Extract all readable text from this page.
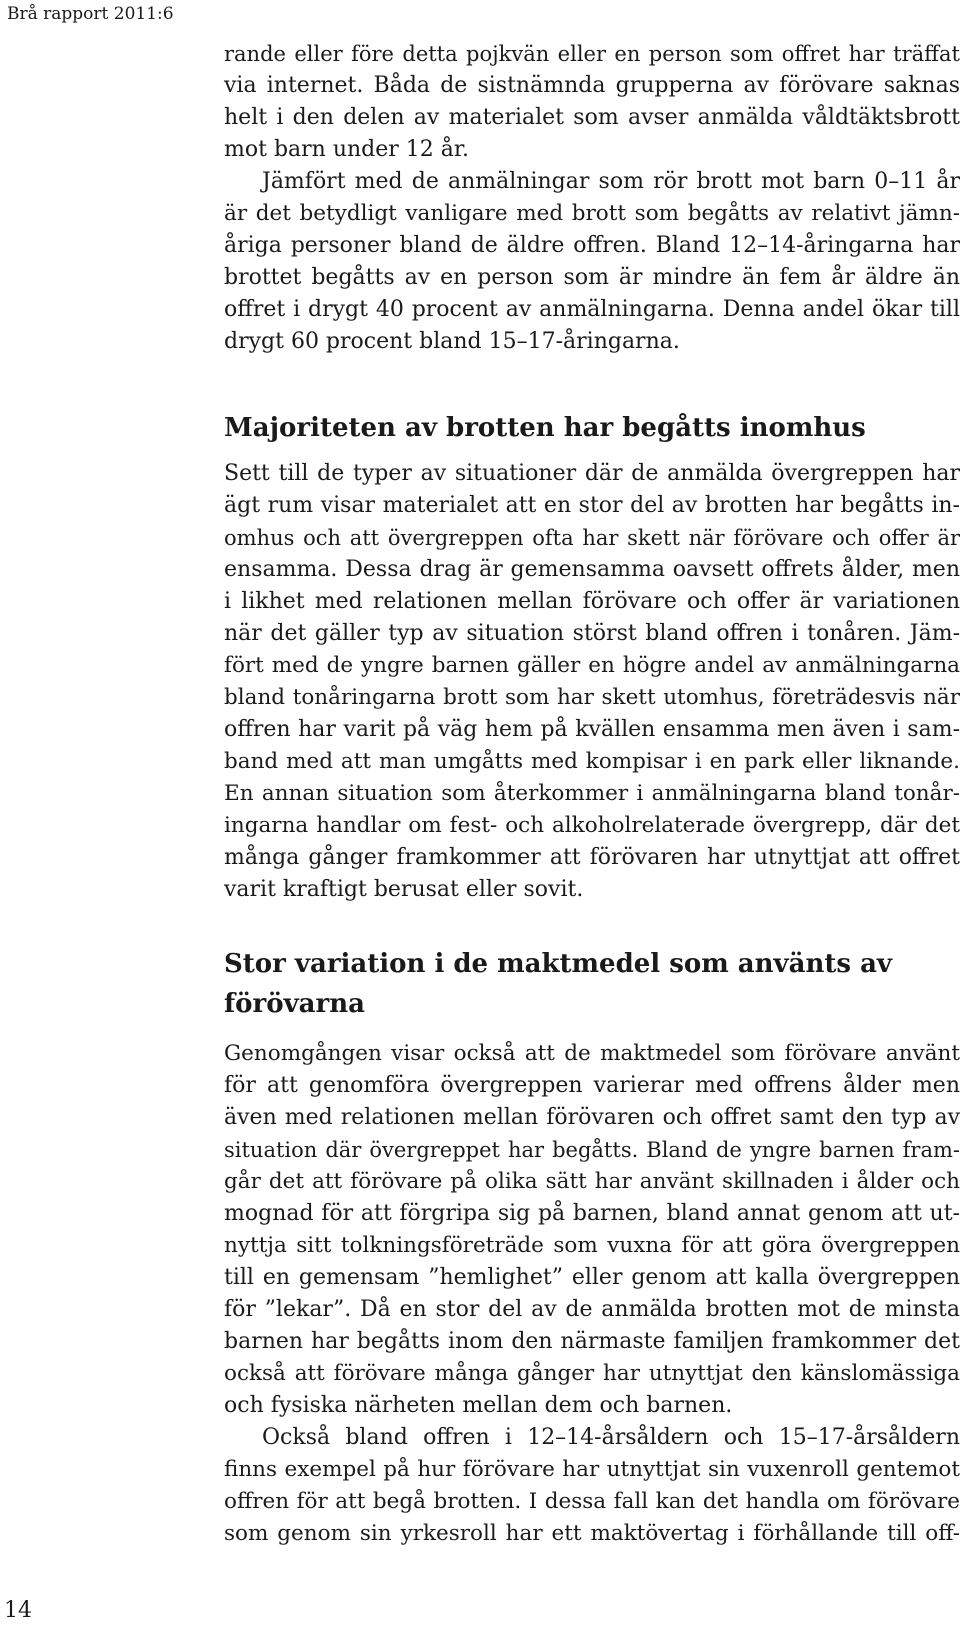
Brå rapport 2011:6
rande eller före detta pojkvän eller en person som offret har träffat
via internet. Båda de sistnämnda grupperna av förövare saknas
helt i den delen av materialet som avser anmälda våldtäktsbrott
mot barn under 12 år.
Jämfört med de anmälningar som rör brott mot barn 0–11 år
är det betydligt vanligare med brott som begåtts av relativt jämn-
åriga personer bland de äldre offren. Bland 12–14-åringarna har
brottet begåtts av en person som är mindre än fem år äldre än
offret i drygt 40 procent av anmälningarna. Denna andel ökar till
drygt 60 procent bland 15–17-åringarna.
Majoriteten av brotten har begåtts inomhus
Sett till de typer av situationer där de anmälda övergreppen har
ägt rum visar materialet att en stor del av brotten har begåtts in-
omhus och att övergreppen ofta har skett när förövare och offer är
ensamma. Dessa drag är gemensamma oavsett offrets ålder, men
i likhet med relationen mellan förövare och offer är variationen
när det gäller typ av situation störst bland offren i tonåren. Jäm-
fört med de yngre barnen gäller en högre andel av anmälningarna
bland tonåringarna brott som har skett utomhus, företrädesvis när
offren har varit på väg hem på kvällen ensamma men även i sam-
band med att man umgåtts med kompisar i en park eller liknande.
En annan situation som återkommer i anmälningarna bland tonår-
ingarna handlar om fest- och alkoholrelaterade övergrepp, där det
många gånger framkommer att förövaren har utnyttjat att offret
varit kraftigt berusat eller sovit.
Stor variation i de maktmedel som använts av
förövarna
Genomgången visar också att de maktmedel som förövare använt
för att genomföra övergreppen varierar med offrens ålder men
även med relationen mellan förövaren och offret samt den typ av
situation där övergreppet har begåtts. Bland de yngre barnen fram-
går det att förövare på olika sätt har använt skillnaden i ålder och
mognad för att förgripa sig på barnen, bland annat genom att ut-
nyttja sitt tolkningsföreträde som vuxna för att göra övergreppen
till en gemensam ”hemlighet” eller genom att kalla övergreppen
för ”lekar”. Då en stor del av de anmälda brotten mot de minsta
barnen har begåtts inom den närmaste familjen framkommer det
också att förövare många gånger har utnyttjat den känslomässiga
och fysiska närheten mellan dem och barnen.
Också bland offren i 12–14-årsåldern och 15–17-årsåldern
finns exempel på hur förövare har utnyttjat sin vuxenroll gentemot
offren för att begå brotten. I dessa fall kan det handla om förövare
som genom sin yrkesroll har ett maktövertag i förhållande till off-
14
